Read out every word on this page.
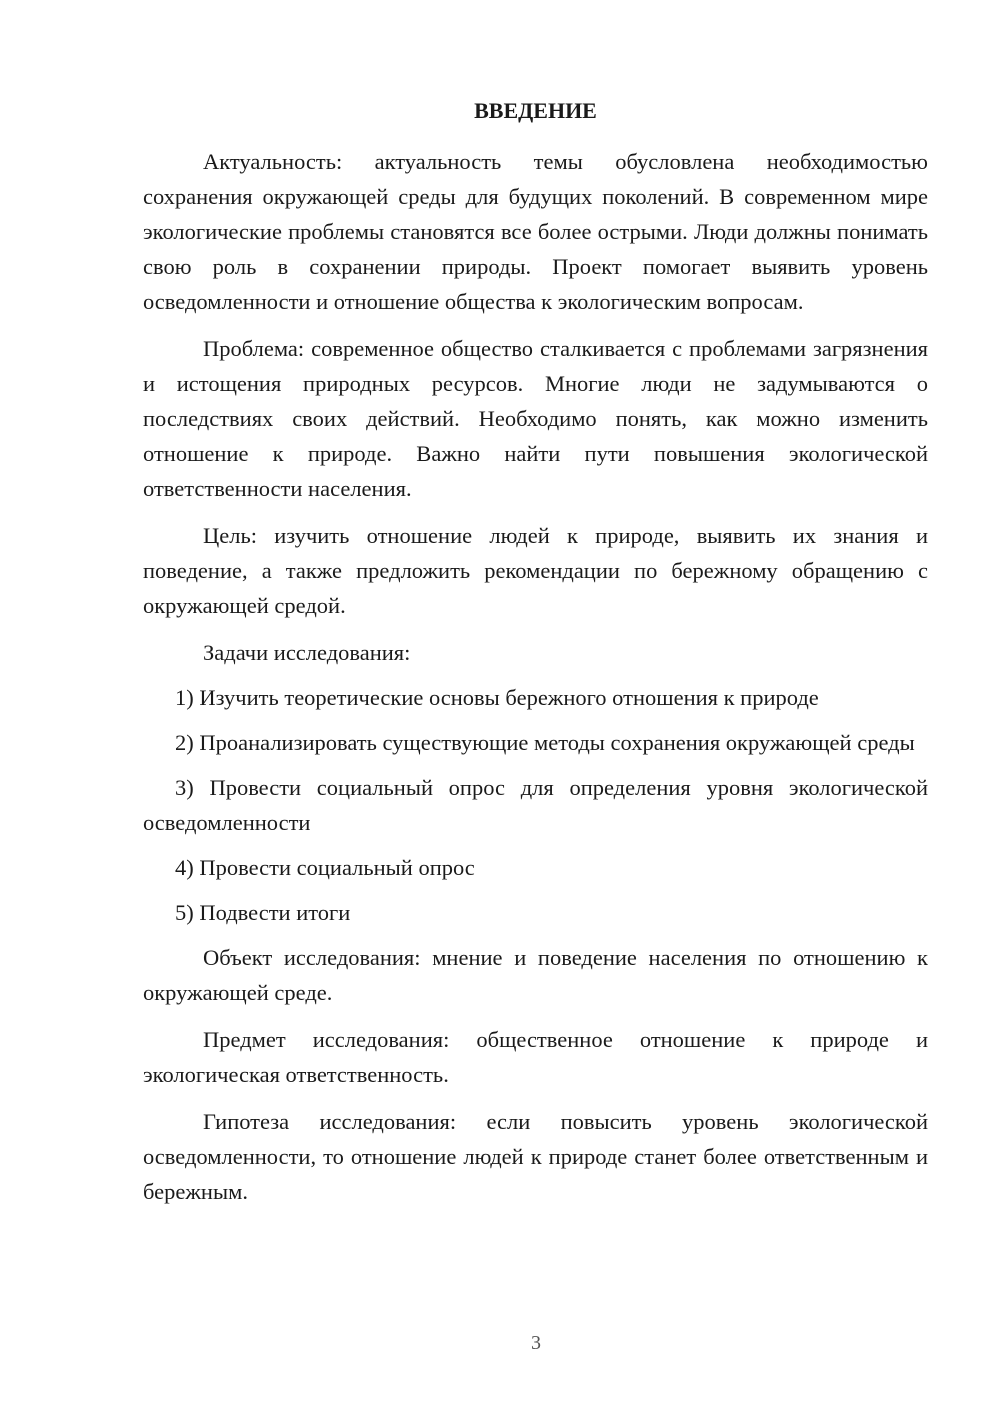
ВВЕДЕНИЕ

Актуальность: актуальность темы обусловлена необходимостью сохранения окружающей среды для будущих поколений. В современном мире экологические проблемы становятся все более острыми. Люди должны понимать свою роль в сохранении природы. Проект помогает выявить уровень осведомленности и отношение общества к экологическим вопросам.

Проблема: современное общество сталкивается с проблемами загрязнения и истощения природных ресурсов. Многие люди не задумываются о последствиях своих действий. Необходимо понять, как можно изменить отношение к природе. Важно найти пути повышения экологической ответственности населения.

Цель: изучить отношение людей к природе, выявить их знания и поведение, а также предложить рекомендации по бережному обращению с окружающей средой.

Задачи исследования:

1) Изучить теоретические основы бережного отношения к природе

2) Проанализировать существующие методы сохранения окружающей среды

3) Провести социальный опрос для определения уровня экологической осведомленности

4) Провести социальный опрос

5) Подвести итоги

Объект исследования: мнение и поведение населения по отношению к окружающей среде.

Предмет исследования: общественное отношение к природе и экологическая ответственность.

Гипотеза исследования: если повысить уровень экологической осведомленности, то отношение людей к природе станет более ответственным и бережным.

3
